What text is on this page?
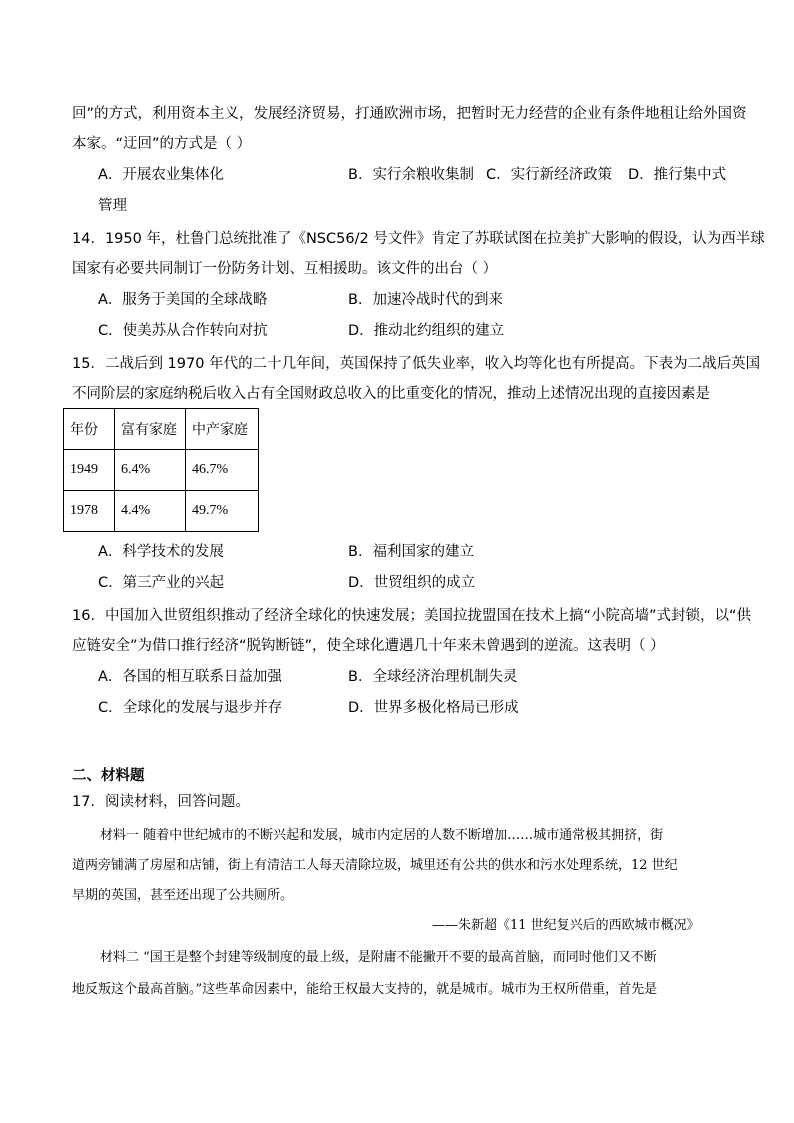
回”的方式，利用资本主义，发展经济贸易，打通欧洲市场，把暂时无力经营的企业有条件地租让给外国资
本家。“迂回”的方式是（ ）
A．开展农业集体化	B．实行余粮收集制 C．实行新经济政策 D．推行集中式
管理
14．1950 年，杜鲁门总统批准了《NSC56/2 号文件》肯定了苏联试图在拉美扩大影响的假设，认为西半球
国家有必要共同制订一份防务计划、互相援助。该文件的出台（ ）
A．服务于美国的全球战略	B．加速冷战时代的到来
C．使美苏从合作转向对抗	D．推动北约组织的建立
15．二战后到 1970 年代的二十几年间，英国保持了低失业率，收入均等化也有所提高。下表为二战后英国
不同阶层的家庭纳税后收入占有全国财政总收入的比重变化的情况，推动上述情况出现的直接因素是
年份	富有家庭	中产家庭
1949	6.4%	46.7%
1978	4.4%	49.7%
A．科学技术的发展	B．福利国家的建立
C．第三产业的兴起	D．世贸组织的成立
16．中国加入世贸组织推动了经济全球化的快速发展；美国拉拢盟国在技术上搞“小院高墙”式封锁，以“供
应链安全”为借口推行经济“脱钩断链”，使全球化遭遇几十年来未曾遇到的逆流。这表明（ ）
A．各国的相互联系日益加强	B．全球经济治理机制失灵
C．全球化的发展与退步并存	D．世界多极化格局已形成
二、材料题
17．阅读材料，回答问题。
材料一 随着中世纪城市的不断兴起和发展，城市内定居的人数不断增加……城市通常极其拥挤，街
道两旁铺满了房屋和店铺，街上有清洁工人每天清除垃圾，城里还有公共的供水和污水处理系统，12 世纪
早期的英国，甚至还出现了公共厕所。
——朱新超《11 世纪复兴后的西欧城市概况》
材料二 “国王是整个封建等级制度的最上级，是附庸不能撇开不要的最高首脑，而同时他们又不断
地反叛这个最高首脑。”这些革命因素中，能给王权最大支持的，就是城市。城市为王权所借重，首先是
